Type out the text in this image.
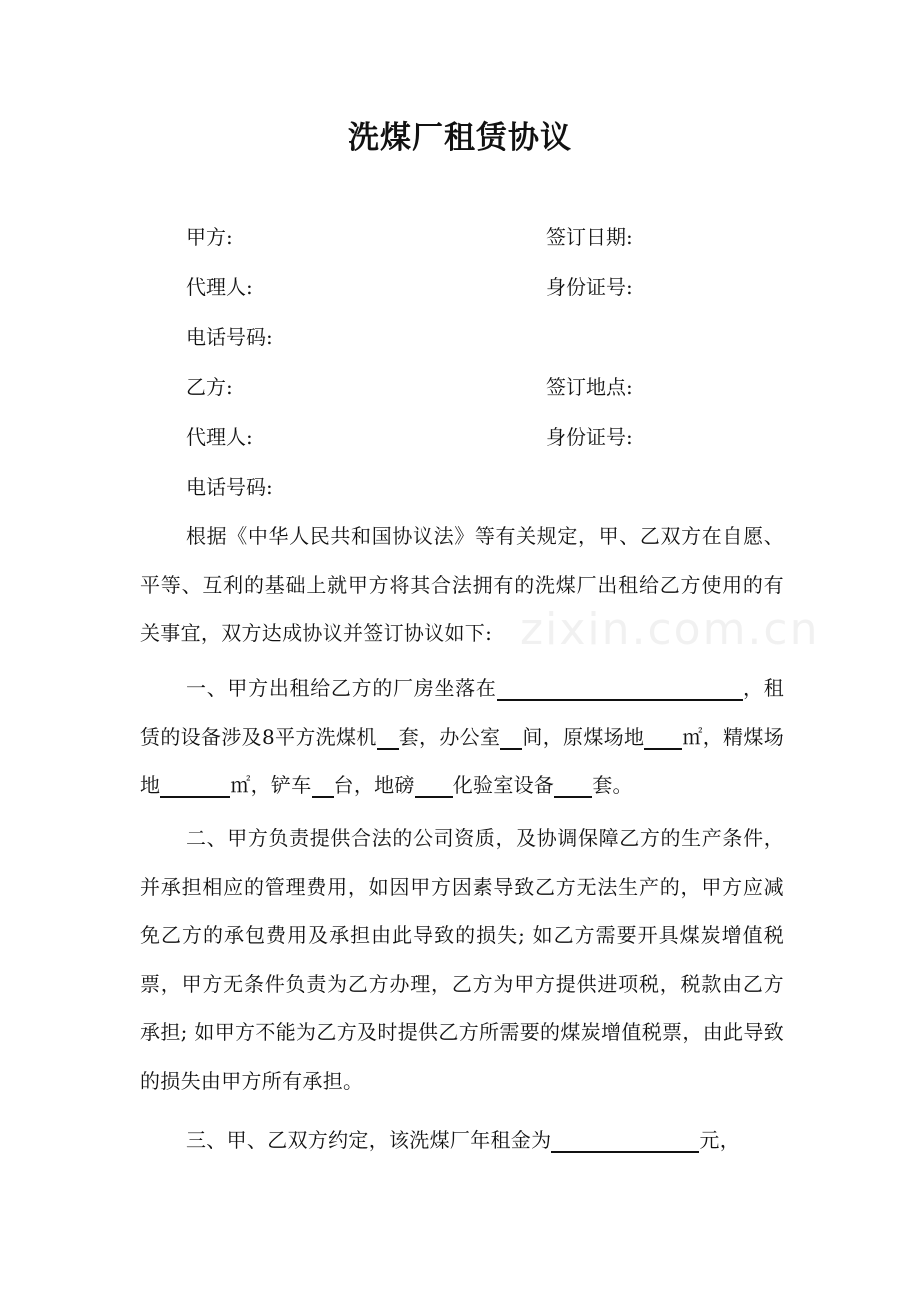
zixin.com.cn
洗煤厂租赁协议
甲方:	签订日期:
代理人:	身份证号:
电话号码:
乙方:	签订地点:
代理人:	身份证号:
电话号码:
根据《中华人民共和国协议法》等有关规定，甲、乙双方在自愿、平等、互利的基础上就甲方将其合法拥有的洗煤厂出租给乙方使用的有关事宜，双方达成协议并签订协议如下:
一、甲方出租给乙方的厂房坐落在	，租赁的设备涉及8平方洗煤机 套，办公室 间，原煤场地 ㎡，精煤场地	㎡，铲车 台，地磅 化验室设备 套。
二、甲方负责提供合法的公司资质，及协调保障乙方的生产条件，并承担相应的管理费用，如因甲方因素导致乙方无法生产的，甲方应减免乙方的承包费用及承担由此导致的损失; 如乙方需要开具煤炭增值税票，甲方无条件负责为乙方办理，乙方为甲方提供进项税，税款由乙方承担; 如甲方不能为乙方及时提供乙方所需要的煤炭增值税票，由此导致的损失由甲方所有承担。
三、甲、乙双方约定，该洗煤厂年租金为	元，
